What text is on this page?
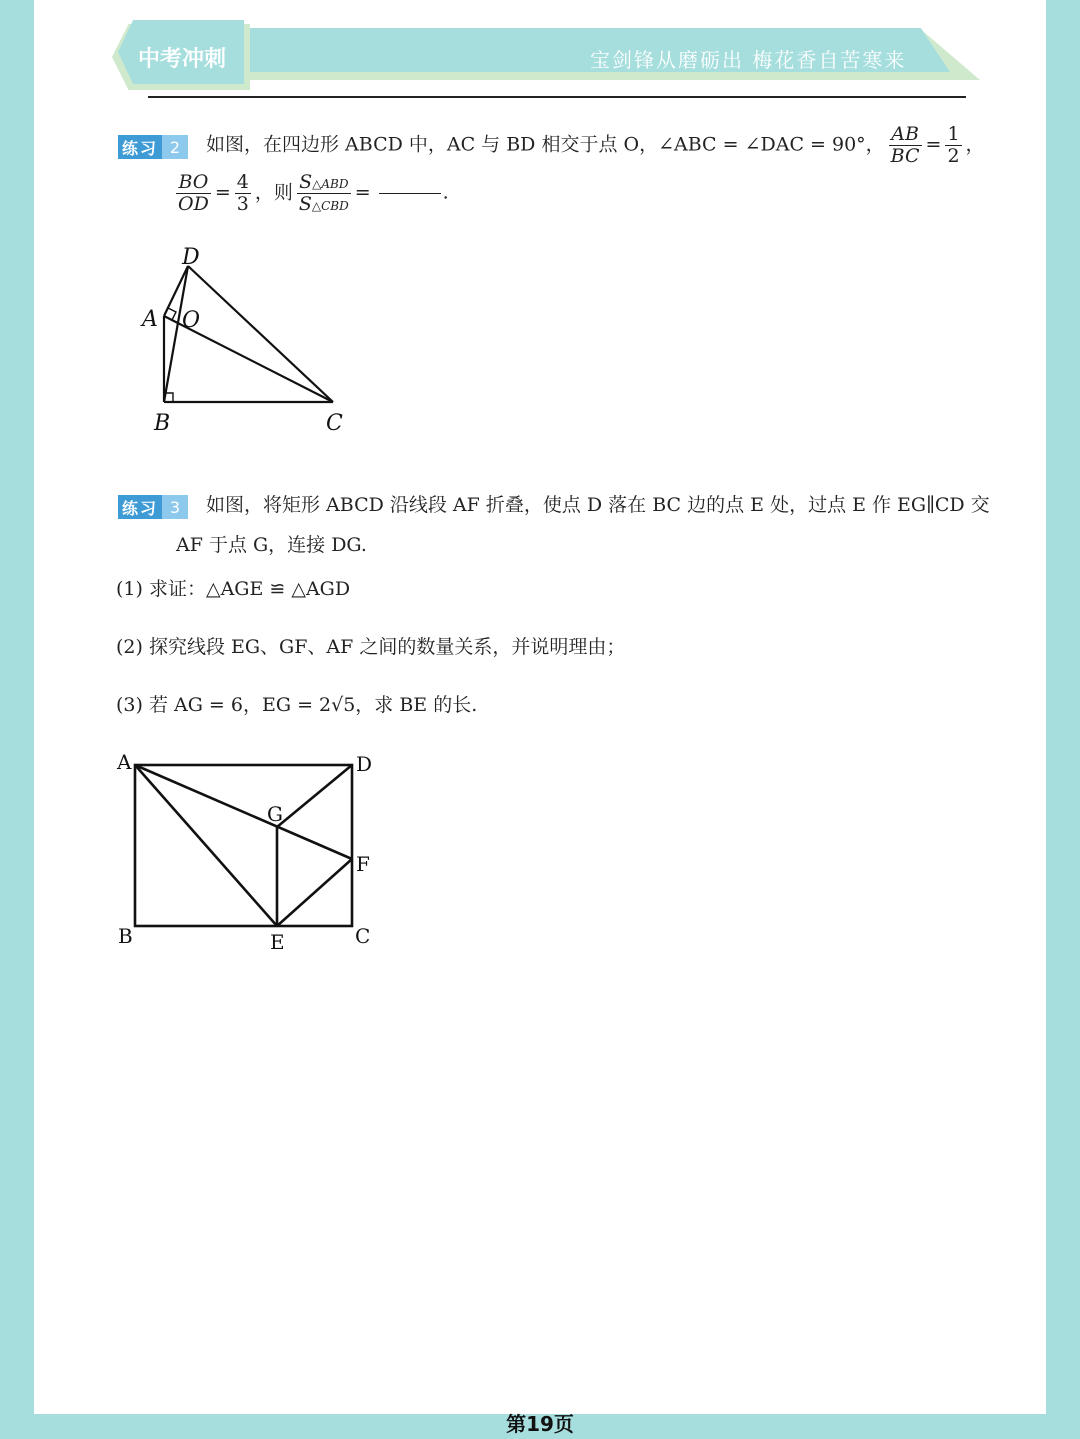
宝剑锋从磨砺出 梅花香自苦寒来
中考冲刺
练习 2	如图，在四边形 ABCD 中，AC 与 BD 相交于点 O，∠ABC = ∠DAC = 90°， $\frac{AB}{BC} = \frac{1}{2}$ ，
$\frac{BO}{OD} = \frac{4}{3}$ ，则 $\frac{\text{S△ABD}}{\text{S△CBD}}$ =	.
D
A O
B	C
练习 3	如图，将矩形 ABCD 沿线段 AF 折叠，使点 D 落在 BC 边的点 E 处，过点 E 作 EG∥CD 交
AF 于点 G，连接 DG.
(1) 求证：△AGE ≌ △AGD
(2) 探究线段 EG、GF、AF 之间的数量关系，并说明理由；
(3) 若 AG = 6，EG = 2√5，求 BE 的长.
A	D
G
F
B	E	C
第19页
